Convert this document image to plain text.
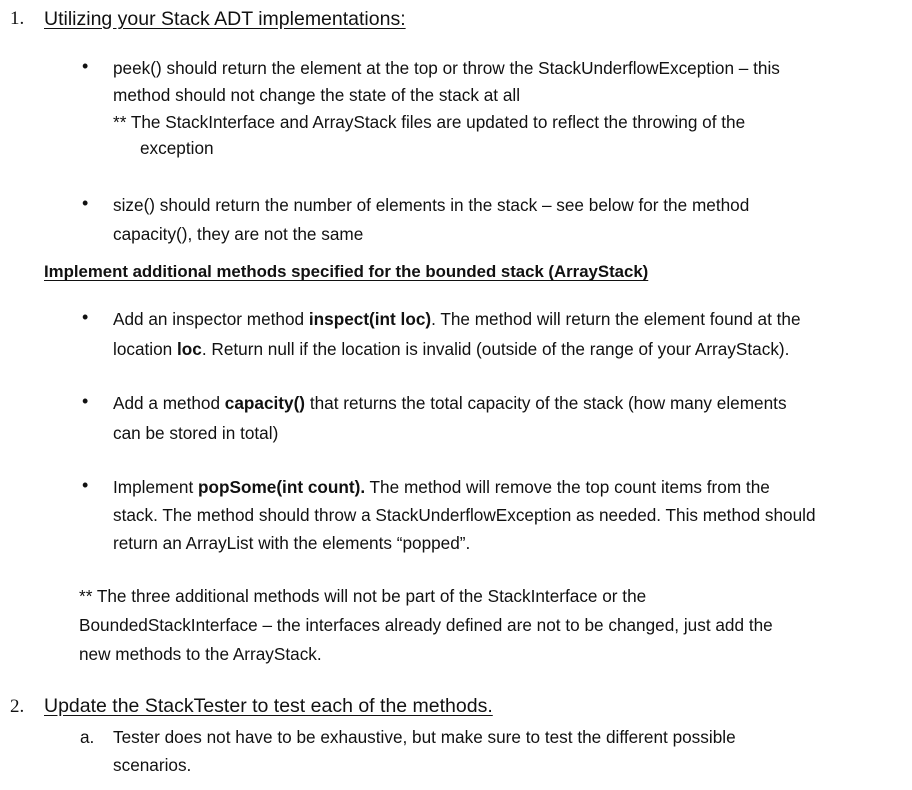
1. Utilizing your Stack ADT implementations:
• peek() should return the element at the top or throw the StackUnderflowException – this
method should not change the state of the stack at all
** The StackInterface and ArrayStack files are updated to reflect the throwing of the
exception
• size() should return the number of elements in the stack – see below for the method
capacity(), they are not the same
Implement additional methods specified for the bounded stack (ArrayStack)
• Add an inspector method inspect(int loc). The method will return the element found at the
location loc. Return null if the location is invalid (outside of the range of your ArrayStack).
• Add a method capacity() that returns the total capacity of the stack (how many elements
can be stored in total)
• Implement popSome(int count). The method will remove the top count items from the
stack. The method should throw a StackUnderflowException as needed. This method should
return an ArrayList with the elements “popped”.
** The three additional methods will not be part of the StackInterface or the
BoundedStackInterface – the interfaces already defined are not to be changed, just add the
new methods to the ArrayStack.
2. Update the StackTester to test each of the methods.
a. Tester does not have to be exhaustive, but make sure to test the different possible
scenarios.
